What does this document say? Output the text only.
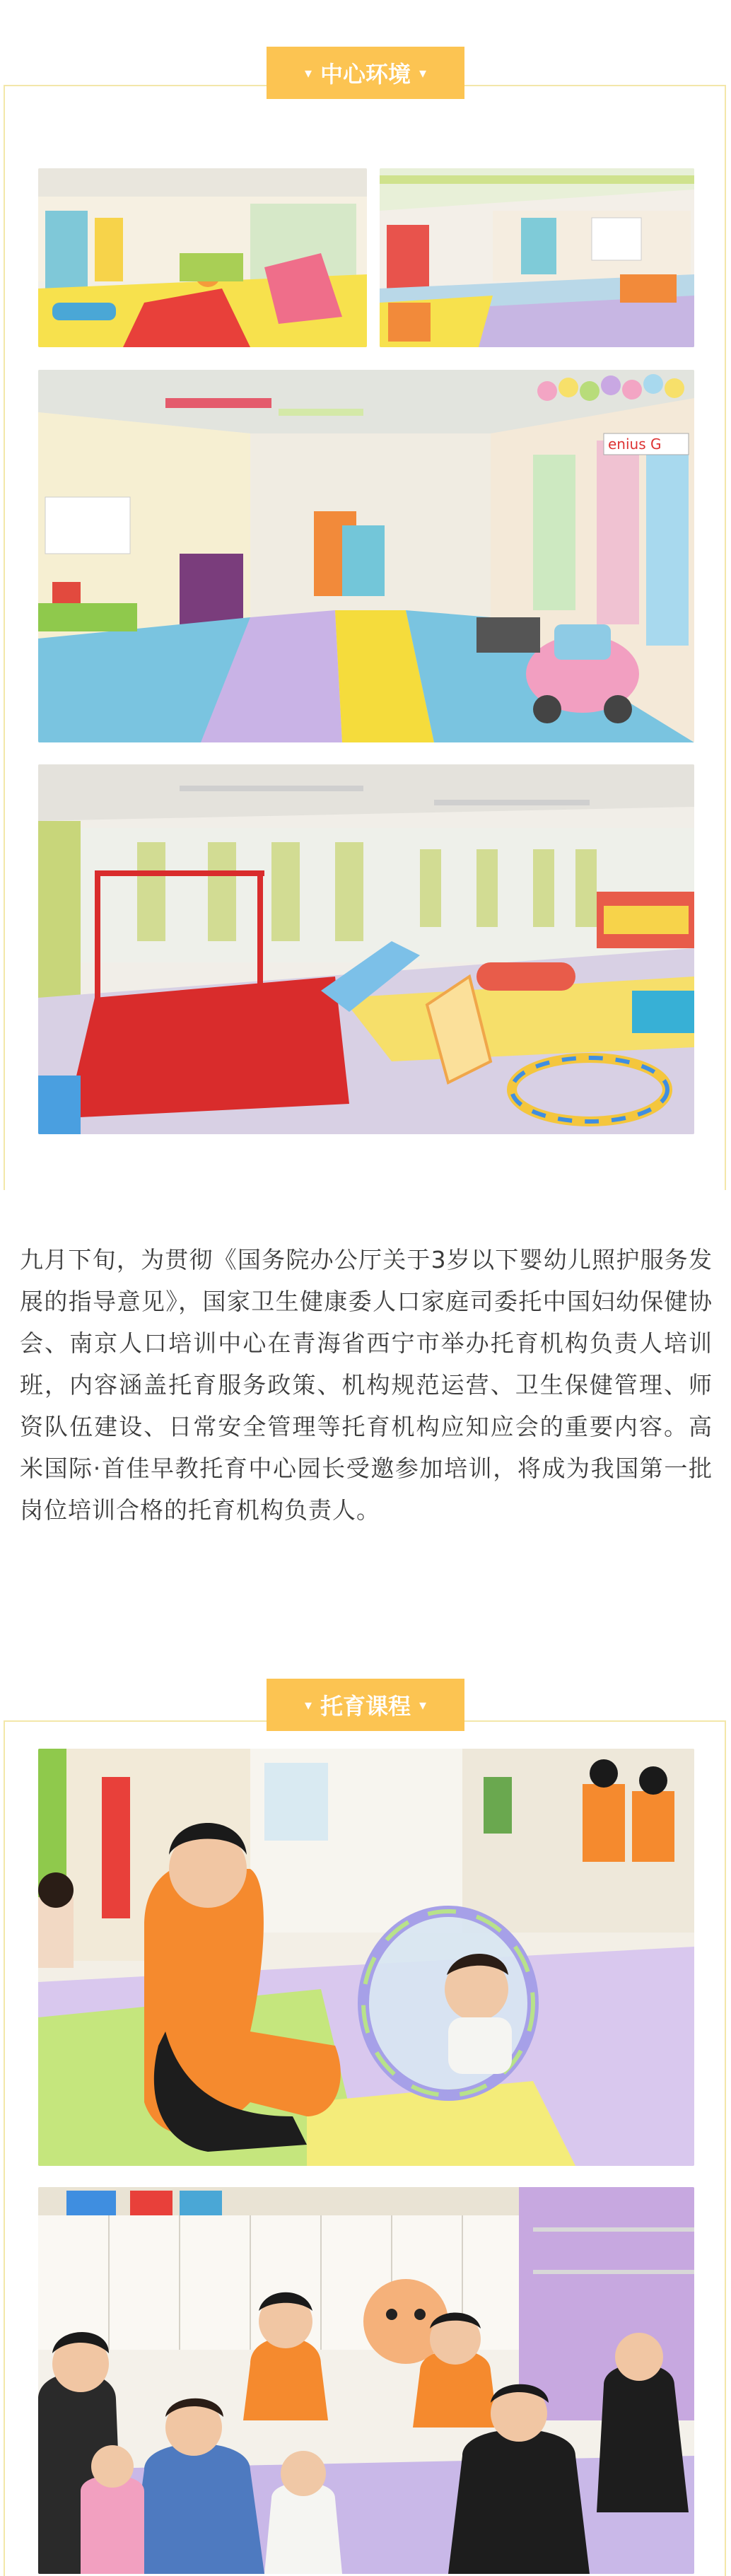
▾ 中心环境 ▾
enius G

九月下旬，为贯彻《国务院办公厅关于3岁以下婴幼儿照护服务发展的指导意见》，国家卫生健康委人口家庭司委托中国妇幼保健协会、南京人口培训中心在青海省西宁市举办托育机构负责人培训班，内容涵盖托育服务政策、机构规范运营、卫生保健管理、师资队伍建设、日常安全管理等托育机构应知应会的重要内容。高米国际·首佳早教托育中心园长受邀参加培训，将成为我国第一批岗位培训合格的托育机构负责人。

▾ 托育课程 ▾
